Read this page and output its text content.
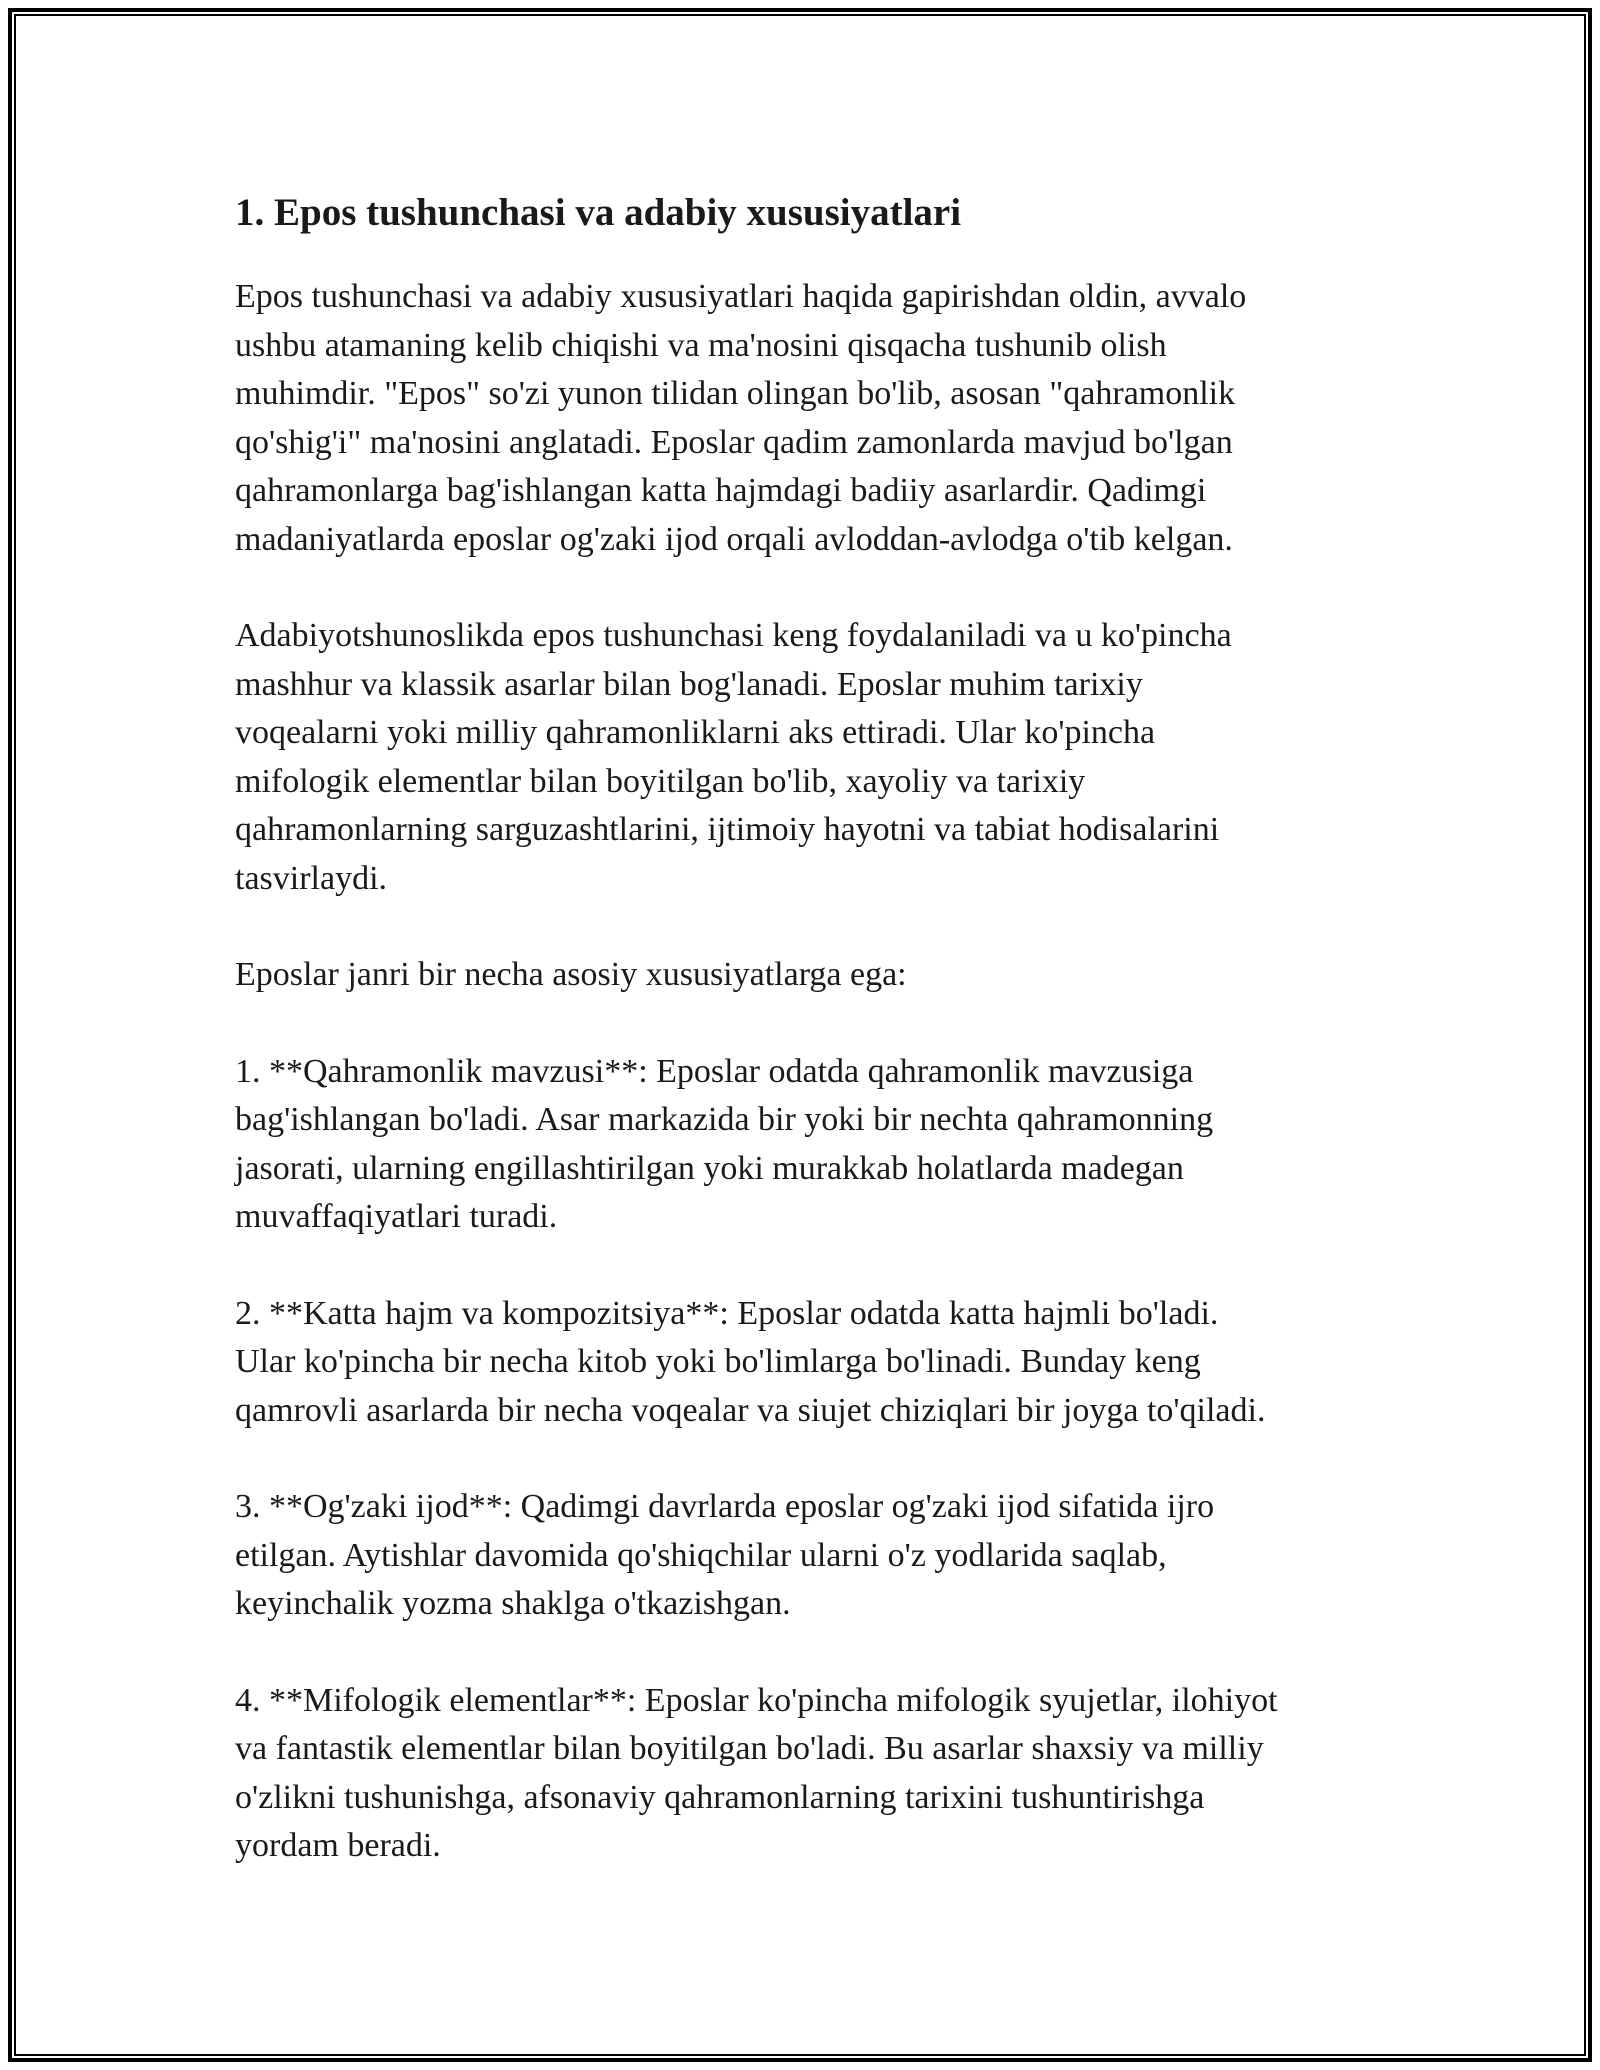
1. Epos tushunchasi va adabiy xususiyatlari

Epos tushunchasi va adabiy xususiyatlari haqida gapirishdan oldin, avvalo
ushbu atamaning kelib chiqishi va ma'nosini qisqacha tushunib olish
muhimdir. "Epos" so'zi yunon tilidan olingan bo'lib, asosan "qahramonlik
qo'shig'i" ma'nosini anglatadi. Eposlar qadim zamonlarda mavjud bo'lgan
qahramonlarga bag'ishlangan katta hajmdagi badiiy asarlardir. Qadimgi
madaniyatlarda eposlar og'zaki ijod orqali avloddan-avlodga o'tib kelgan.

Adabiyotshunoslikda epos tushunchasi keng foydalaniladi va u ko'pincha
mashhur va klassik asarlar bilan bog'lanadi. Eposlar muhim tarixiy
voqealarni yoki milliy qahramonliklarni aks ettiradi. Ular ko'pincha
mifologik elementlar bilan boyitilgan bo'lib, xayoliy va tarixiy
qahramonlarning sarguzashtlarini, ijtimoiy hayotni va tabiat hodisalarini
tasvirlaydi.

Eposlar janri bir necha asosiy xususiyatlarga ega:

1. **Qahramonlik mavzusi**: Eposlar odatda qahramonlik mavzusiga
bag'ishlangan bo'ladi. Asar markazida bir yoki bir nechta qahramonning
jasorati, ularning engillashtirilgan yoki murakkab holatlarda madegan
muvaffaqiyatlari turadi.

2. **Katta hajm va kompozitsiya**: Eposlar odatda katta hajmli bo'ladi.
Ular ko'pincha bir necha kitob yoki bo'limlarga bo'linadi. Bunday keng
qamrovli asarlarda bir necha voqealar va siujet chiziqlari bir joyga to'qiladi.

3. **Og'zaki ijod**: Qadimgi davrlarda eposlar og'zaki ijod sifatida ijro
etilgan. Aytishlar davomida qo'shiqchilar ularni o'z yodlarida saqlab,
keyinchalik yozma shaklga o'tkazishgan.

4. **Mifologik elementlar**: Eposlar ko'pincha mifologik syujetlar, ilohiyot
va fantastik elementlar bilan boyitilgan bo'ladi. Bu asarlar shaxsiy va milliy
o'zlikni tushunishga, afsonaviy qahramonlarning tarixini tushuntirishga
yordam beradi.
